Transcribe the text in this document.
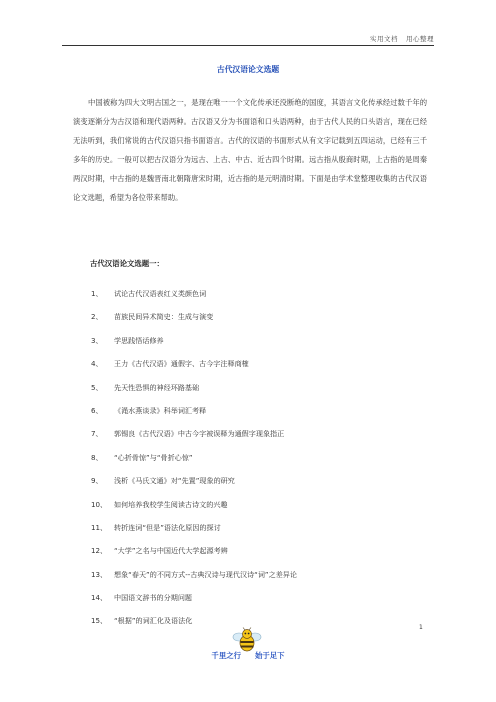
实用文档 用心整理
古代汉语论文选题

中国被称为四大文明古国之一，是现在唯一一个文化传承还没断绝的国度，其语言文化传承经过数千年的演变逐渐分为古汉语和现代语两种。古汉语又分为书面语和口头语两种，由于古代人民的口头语言，现在已经无法听到，我们常说的古代汉语只指书面语言。古代的汉语的书面形式从有文字记载到五四运动，已经有三千多年的历史。一般可以把古汉语分为远古、上古、中古、近古四个时期。远古指从殷商时期，上古指的是周秦两汉时期，中古指的是魏晋南北朝隋唐宋时期，近古指的是元明清时期。下面是由学术堂整理收集的古代汉语论文选题，希望为各位带来帮助。

古代汉语论文选题一：
1、 试论古代汉语表红义类颜色词
2、 苗族民间异术简史：生成与演变
3、 学思践悟话修养
4、 王力《古代汉语》通假字、古今字注释商榷
5、 先天性恐惧的神经环路基础
6、 《渑水燕谈录》科举词汇考释
7、 郭锡良《古代汉语》中古今字被误释为通假字现象指正
8、 “心折骨惊”与“骨折心惊”
9、 浅析《马氏文通》对“先置”现象的研究
10、 如何培养我校学生阅读古诗文的兴趣
11、 转折连词“但是”语法化原因的探讨
12、 “大学”之名与中国近代大学起源考辨
13、 想象“春天”的不同方式--古典汉诗与现代汉诗“词”之差异论
14、 中国语文辞书的分期问题
15、 “根据”的词汇化及语法化
1
千里之行 始于足下
